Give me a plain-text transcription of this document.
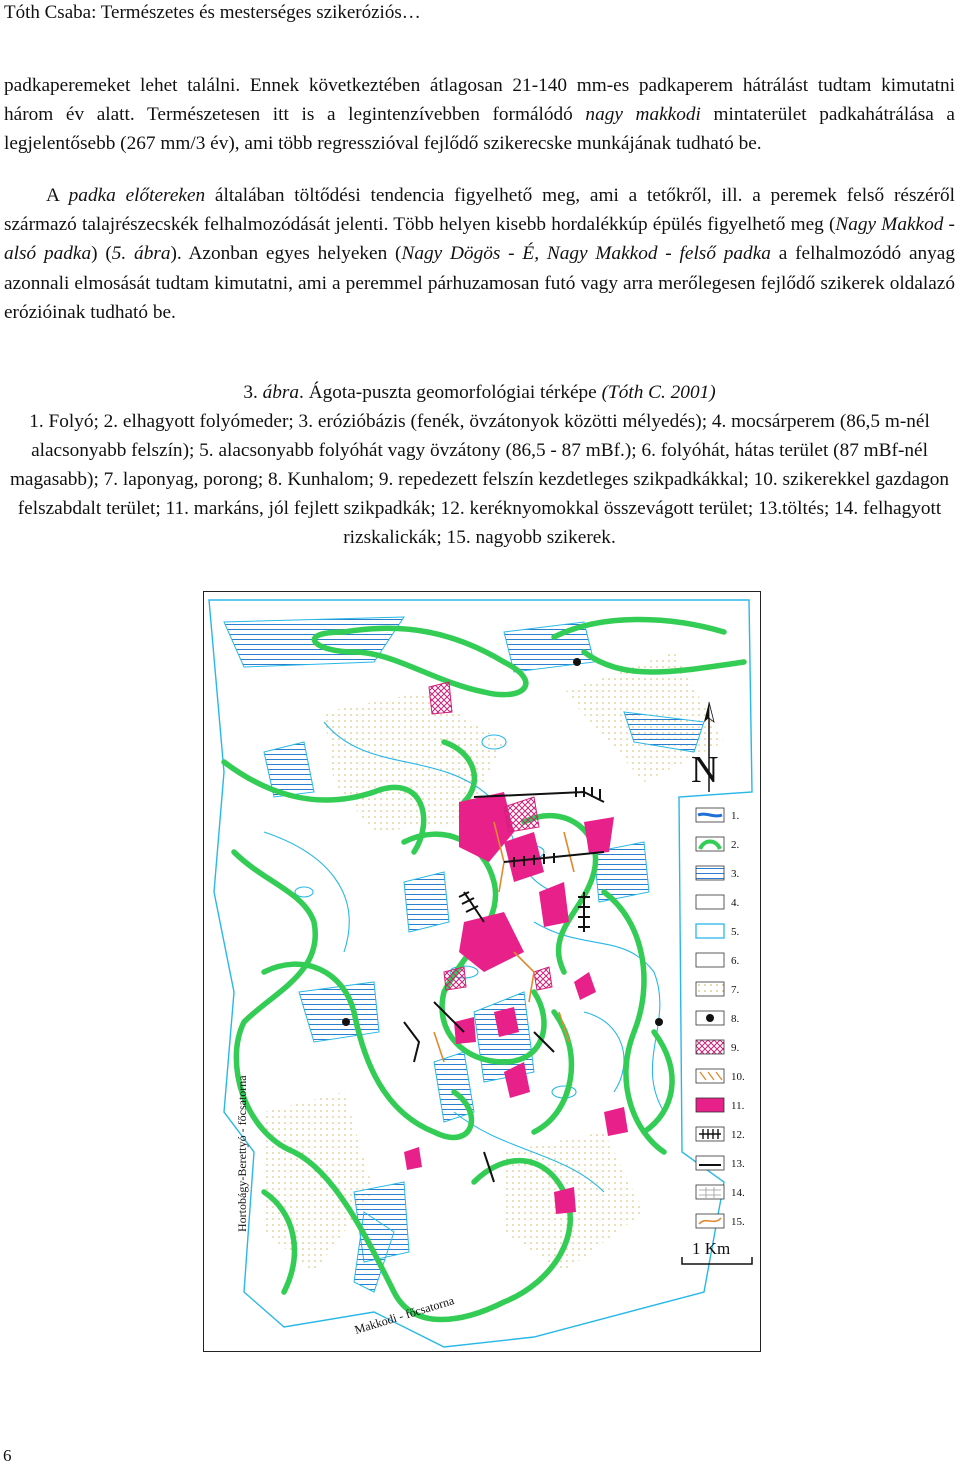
Tóth Csaba: Természetes és mesterséges szikeróziós…

padkaperemeket lehet találni. Ennek következtében átlagosan 21-140 mm-es padkaperem hátrálást tudtam kimutatni három év alatt. Természetesen itt is a legintenzívebben formálódó nagy makkodi mintaterület padkahátrálása a legjelentősebb (267 mm/3 év), ami több regresszióval fejlődő szikerecske munkájának tudható be.

A padka előtereken általában töltődési tendencia figyelhető meg, ami a tetőkről, ill. a peremek felső részéről származó talajrészecskék felhalmozódását jelenti. Több helyen kisebb hordalékkúp épülés figyelhető meg (Nagy Makkod - alsó padka) (5. ábra). Azonban egyes helyeken (Nagy Dögös - É, Nagy Makkod - felső padka a felhalmozódó anyag azonnali elmosását tudtam kimutatni, ami a peremmel párhuzamosan futó vagy arra merőlegesen fejlődő szikerek oldalazó erózióinak tudható be.

3. ábra. Ágota-puszta geomorfológiai térképe (Tóth C. 2001)

1. Folyó; 2. elhagyott folyómeder; 3. erózióbázis (fenék, övzátonyok közötti mélyedés); 4. mocsárperem (86,5 m-nél alacsonyabb felszín); 5. alacsonyabb folyóhát vagy övzátony (86,5 - 87 mBf.); 6. folyóhát, hátas terület (87 mBf-nél magasabb); 7. laponyag, porong; 8. Kunhalom; 9. repedezett felszín kezdetleges szikpadkákkal; 10. szikerekkel gazdagon felszabdalt terület; 11. markáns, jól fejlett szikpadkák; 12. keréknyomokkal összevágott terület; 13.töltés; 14. felhagyott rizskalickák; 15. nagyobb szikerek.

N
1.
2.
3.
4.
5.
6.
7.
8.
9.
10.
11.
12.
13.
14.
15.
1 Km
Hortobágy-Berettyó - főcsatorna
Makkodi - főcsatorna
6
